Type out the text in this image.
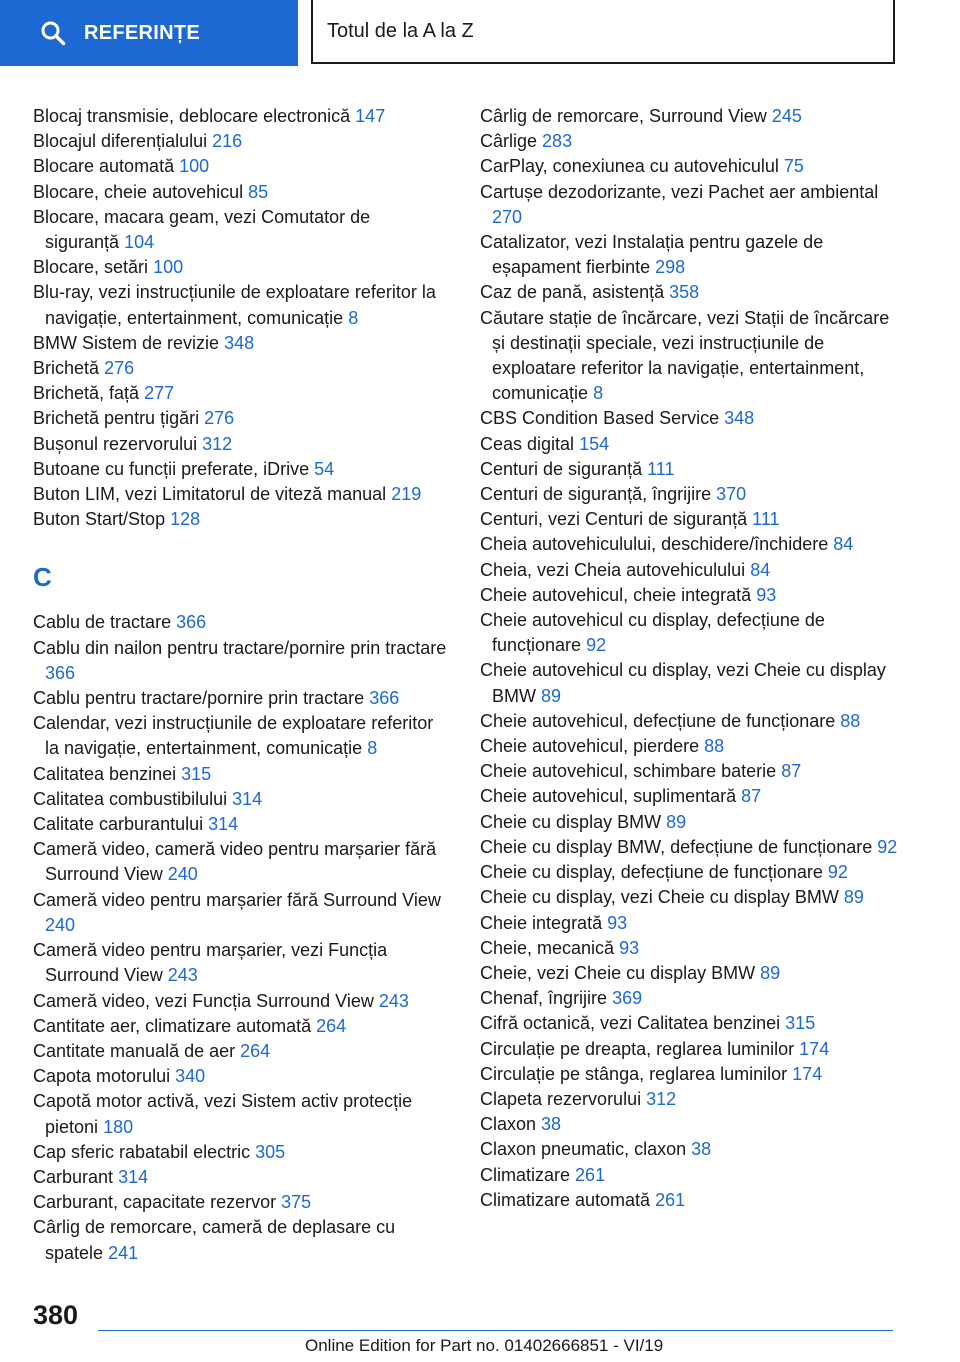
REFERINȚE	Totul de la A la Z
Blocaj transmisie, deblocare electronică 147
Blocajul diferențialului 216
Blocare automată 100
Blocare, cheie autovehicul 85
Blocare, macara geam, vezi Comutator de siguranță 104
Blocare, setări 100
Blu-ray, vezi instrucțiunile de exploatare referitor la navigație, entertainment, comunicație 8
BMW Sistem de revizie 348
Brichetă 276
Brichetă, față 277
Brichetă pentru țigări 276
Bușonul rezervorului 312
Butoane cu funcții preferate, iDrive 54
Buton LIM, vezi Limitatorul de viteză manual 219
Buton Start/Stop 128
C
Cablu de tractare 366
Cablu din nailon pentru tractare/pornire prin tractare 366
Cablu pentru tractare/pornire prin tractare 366
Calendar, vezi instrucțiunile de exploatare referitor la navigație, entertainment, comunicație 8
Calitatea benzinei 315
Calitatea combustibilului 314
Calitate carburantului 314
Cameră video, cameră video pentru marșarier fără Surround View 240
Cameră video pentru marșarier fără Surround View 240
Cameră video pentru marșarier, vezi Funcția Surround View 243
Cameră video, vezi Funcția Surround View 243
Cantitate aer, climatizare automată 264
Cantitate manuală de aer 264
Capota motorului 340
Capotă motor activă, vezi Sistem activ protecție pietoni 180
Cap sferic rabatabil electric 305
Carburant 314
Carburant, capacitate rezervor 375
Cârlig de remorcare, cameră de deplasare cu spatele 241
Cârlig de remorcare, Surround View 245
Cârlige 283
CarPlay, conexiunea cu autovehiculul 75
Cartușe dezodorizante, vezi Pachet aer ambiental 270
Catalizator, vezi Instalația pentru gazele de eșapament fierbinte 298
Caz de pană, asistență 358
Căutare stație de încărcare, vezi Stații de încărcare și destinații speciale, vezi instrucțiunile de exploatare referitor la navigație, entertainment, comunicație 8
CBS Condition Based Service 348
Ceas digital 154
Centuri de siguranță 111
Centuri de siguranță, îngrijire 370
Centuri, vezi Centuri de siguranță 111
Cheia autovehiculului, deschidere/închidere 84
Cheia, vezi Cheia autovehiculului 84
Cheie autovehicul, cheie integrată 93
Cheie autovehicul cu display, defecțiune de funcționare 92
Cheie autovehicul cu display, vezi Cheie cu display BMW 89
Cheie autovehicul, defecțiune de funcționare 88
Cheie autovehicul, pierdere 88
Cheie autovehicul, schimbare baterie 87
Cheie autovehicul, suplimentară 87
Cheie cu display BMW 89
Cheie cu display BMW, defecțiune de funcționare 92
Cheie cu display, defecțiune de funcționare 92
Cheie cu display, vezi Cheie cu display BMW 89
Cheie integrată 93
Cheie, mecanică 93
Cheie, vezi Cheie cu display BMW 89
Chenaf, îngrijire 369
Cifră octanică, vezi Calitatea benzinei 315
Circulație pe dreapta, reglarea luminilor 174
Circulație pe stânga, reglarea luminilor 174
Clapeta rezervorului 312
Claxon 38
Claxon pneumatic, claxon 38
Climatizare 261
Climatizare automată 261
380
Online Edition for Part no. 01402666851 - VI/19
